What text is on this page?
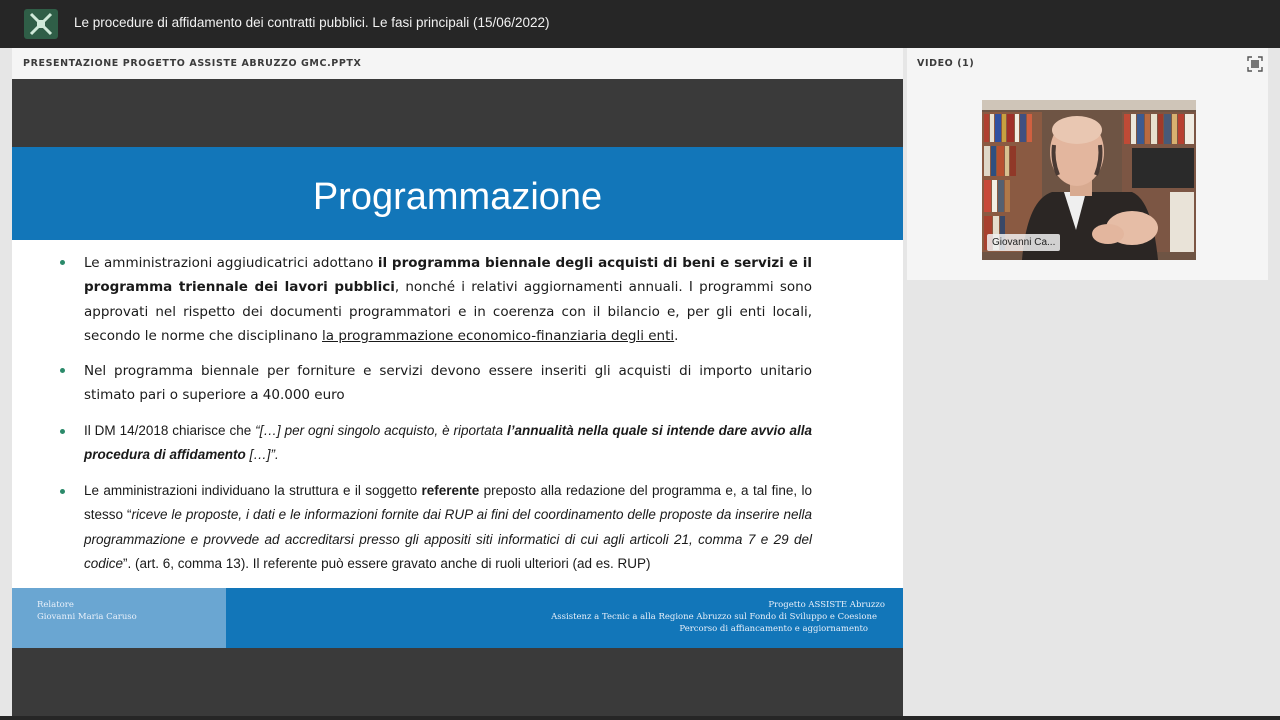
Le procedure di affidamento dei contratti pubblici. Le fasi principali (15/06/2022)
PRESENTAZIONE PROGETTO ASSISTE ABRUZZO GMC.PPTX
Programmazione
Le amministrazioni aggiudicatrici adottano il programma biennale degli acquisti di beni e servizi e il programma triennale dei lavori pubblici, nonché i relativi aggiornamenti annuali. I programmi sono approvati nel rispetto dei documenti programmatori e in coerenza con il bilancio e, per gli enti locali, secondo le norme che disciplinano la programmazione economico-finanziaria degli enti.
Nel programma biennale per forniture e servizi devono essere inseriti gli acquisti di importo unitario stimato pari o superiore a 40.000 euro
Il DM 14/2018 chiarisce che “[…] per ogni singolo acquisto, è riportata l’annualità nella quale si intende dare avvio alla procedura di affidamento […]”.
Le amministrazioni individuano la struttura e il soggetto referente preposto alla redazione del programma e, a tal fine, lo stesso “riceve le proposte, i dati e le informazioni fornite dai RUP ai fini del coordinamento delle proposte da inserire nella programmazione e provvede ad accreditarsi presso gli appositi siti informatici di cui agli articoli 21, comma 7 e 29 del codice”. (art. 6, comma 13). Il referente può essere gravato anche di ruoli ulteriori (ad es. RUP)
Relatore
Giovanni Maria Caruso
Progetto ASSISTE Abruzzo
Assistenz a Tecnic a alla Regione Abruzzo sul Fondo di Sviluppo e Coesione
Percorso di affiancamento e aggiornamento
VIDEO (1)
Giovanni Ca...
